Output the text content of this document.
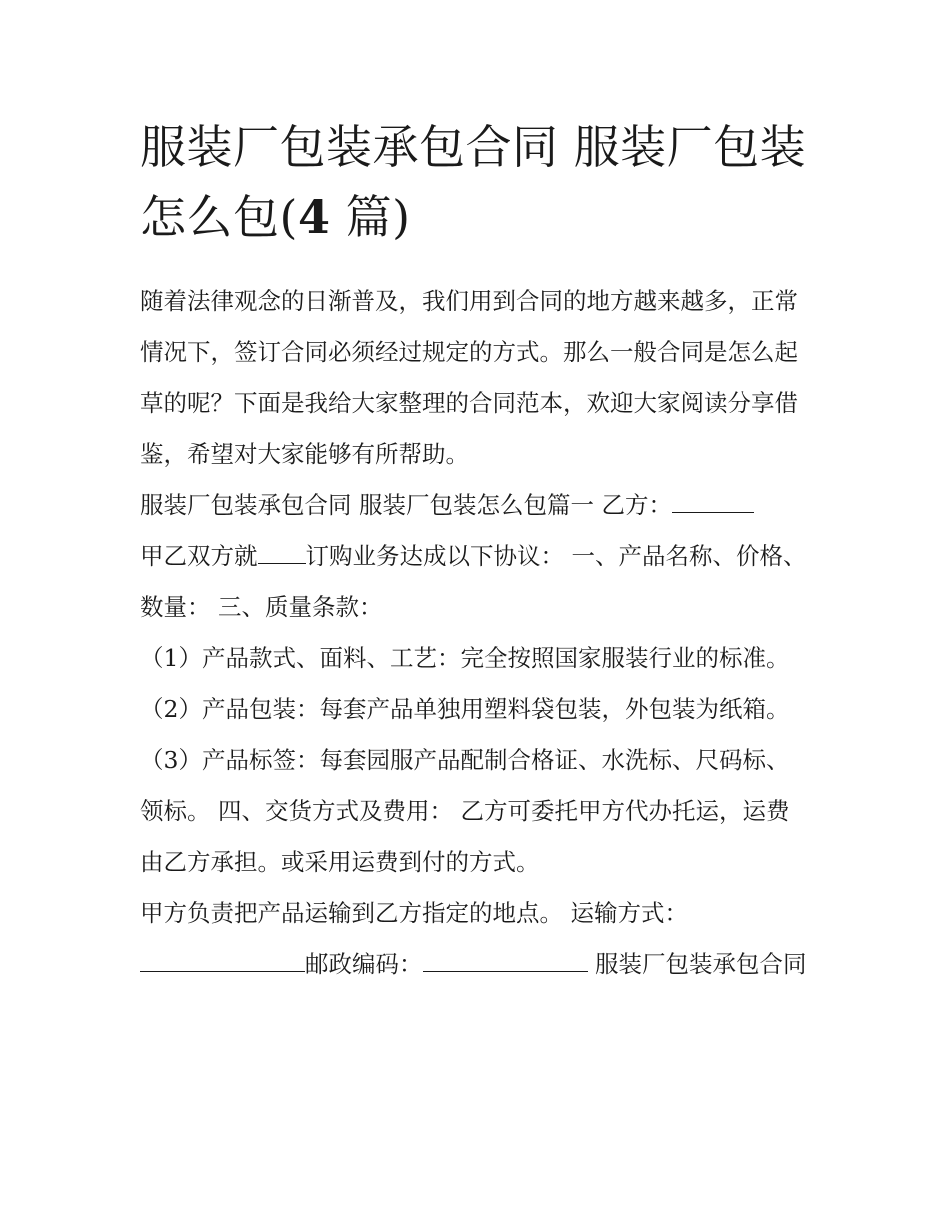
服装厂包装承包合同 服装厂包装怎么包(4 篇)

随着法律观念的日渐普及，我们用到合同的地方越来越多，正常情况下，签订合同必须经过规定的方式。那么一般合同是怎么起草的呢？下面是我给大家整理的合同范本，欢迎大家阅读分享借鉴，希望对大家能够有所帮助。

服装厂包装承包合同 服装厂包装怎么包篇一 乙方：
甲乙双方就 订购业务达成以下协议： 一、产品名称、价格、数量： 三、质量条款：

（1）产品款式、面料、工艺：完全按照国家服装行业的标准。 （2）产品包装：每套产品单独用塑料袋包装，外包装为纸箱。

（3）产品标签：每套园服产品配制合格证、水洗标、尺码标、领标。 四、交货方式及费用： 乙方可委托甲方代办托运，运费由乙方承担。或采用运费到付的方式。

甲方负责把产品运输到乙方指定的地点。 运输方式：
邮政编码：	服装厂包装承包合同
